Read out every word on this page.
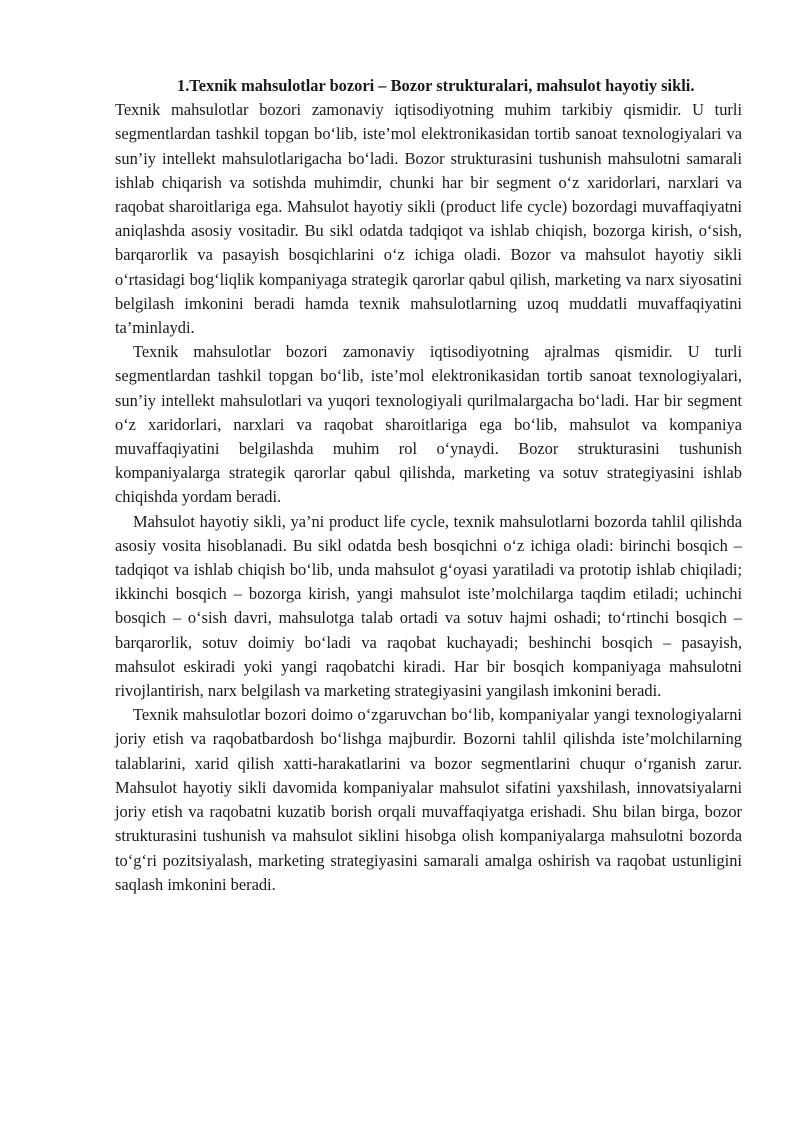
1.Texnik mahsulotlar bozori – Bozor strukturalari, mahsulot hayotiy sikli.

Texnik mahsulotlar bozori zamonaviy iqtisodiyotning muhim tarkibiy qismidir. U turli segmentlardan tashkil topgan bo‘lib, iste’mol elektronikasidan tortib sanoat texnologiyalari va sun’iy intellekt mahsulotlarigacha bo‘ladi. Bozor strukturasini tushunish mahsulotni samarali ishlab chiqarish va sotishda muhimdir, chunki har bir segment o‘z xaridorlari, narxlari va raqobat sharoitlariga ega. Mahsulot hayotiy sikli (product life cycle) bozordagi muvaffaqiyatni aniqlashda asosiy vositadir. Bu sikl odatda tadqiqot va ishlab chiqish, bozorga kirish, o‘sish, barqarorlik va pasayish bosqichlarini o‘z ichiga oladi. Bozor va mahsulot hayotiy sikli o‘rtasidagi bog‘liqlik kompaniyaga strategik qarorlar qabul qilish, marketing va narx siyosatini belgilash imkonini beradi hamda texnik mahsulotlarning uzoq muddatli muvaffaqiyatini ta’minlaydi.

Texnik mahsulotlar bozori zamonaviy iqtisodiyotning ajralmas qismidir. U turli segmentlardan tashkil topgan bo‘lib, iste’mol elektronikasidan tortib sanoat texnologiyalari, sun’iy intellekt mahsulotlari va yuqori texnologiyali qurilmalargacha bo‘ladi. Har bir segment o‘z xaridorlari, narxlari va raqobat sharoitlariga ega bo‘lib, mahsulot va kompaniya muvaffaqiyatini belgilashda muhim rol o‘ynaydi. Bozor strukturasini tushunish kompaniyalarga strategik qarorlar qabul qilishda, marketing va sotuv strategiyasini ishlab chiqishda yordam beradi.

Mahsulot hayotiy sikli, ya’ni product life cycle, texnik mahsulotlarni bozorda tahlil qilishda asosiy vosita hisoblanadi. Bu sikl odatda besh bosqichni o‘z ichiga oladi: birinchi bosqich – tadqiqot va ishlab chiqish bo‘lib, unda mahsulot g‘oyasi yaratiladi va prototip ishlab chiqiladi; ikkinchi bosqich – bozorga kirish, yangi mahsulot iste’molchilarga taqdim etiladi; uchinchi bosqich – o‘sish davri, mahsulotga talab ortadi va sotuv hajmi oshadi; to‘rtinchi bosqich – barqarorlik, sotuv doimiy bo‘ladi va raqobat kuchayadi; beshinchi bosqich – pasayish, mahsulot eskiradi yoki yangi raqobatchi kiradi. Har bir bosqich kompaniyaga mahsulotni rivojlantirish, narx belgilash va marketing strategiyasini yangilash imkonini beradi.

Texnik mahsulotlar bozori doimo o‘zgaruvchan bo‘lib, kompaniyalar yangi texnologiyalarni joriy etish va raqobatbardosh bo‘lishga majburdir. Bozorni tahlil qilishda iste’molchilarning talablarini, xarid qilish xatti-harakatlarini va bozor segmentlarini chuqur o‘rganish zarur. Mahsulot hayotiy sikli davomida kompaniyalar mahsulot sifatini yaxshilash, innovatsiyalarni joriy etish va raqobatni kuzatib borish orqali muvaffaqiyatga erishadi. Shu bilan birga, bozor strukturasini tushunish va mahsulot siklini hisobga olish kompaniyalarga mahsulotni bozorda to‘g‘ri pozitsiyalash, marketing strategiyasini samarali amalga oshirish va raqobat ustunligini saqlash imkonini beradi.
